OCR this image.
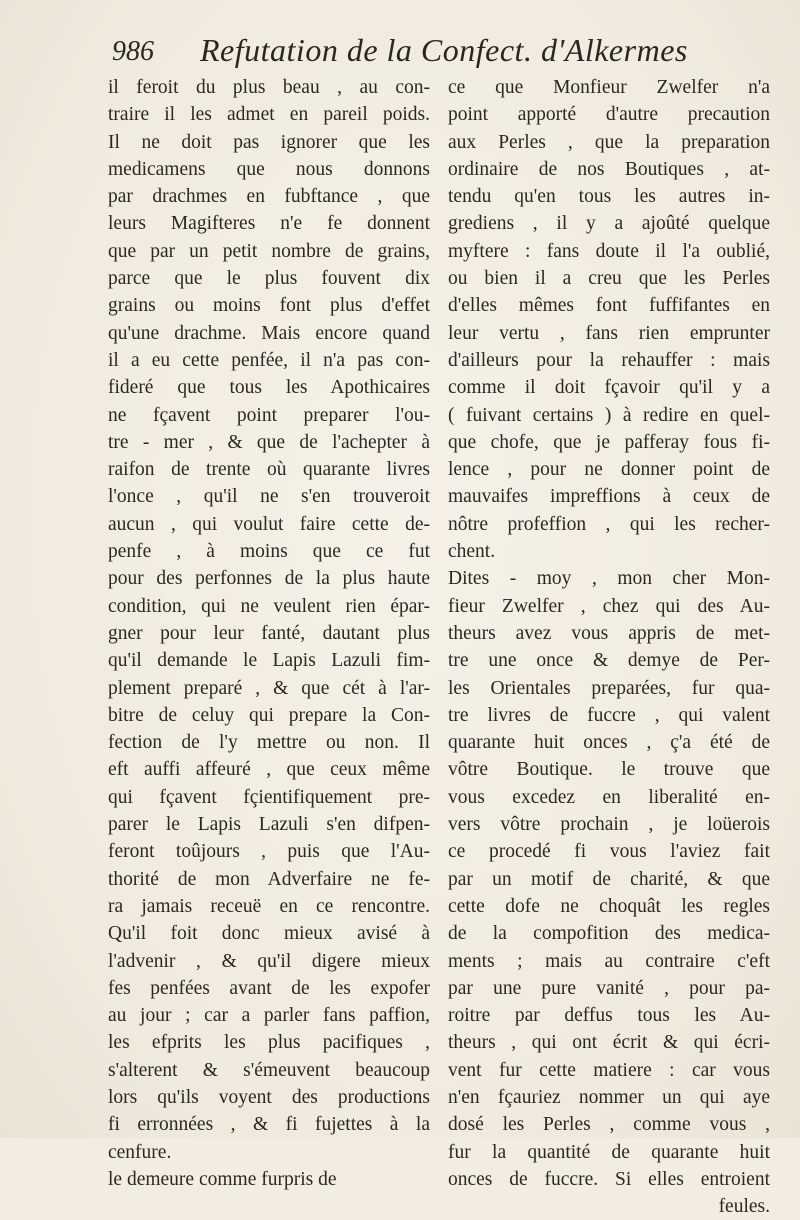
986 Refutation de la Confect. d'Alkermes
il feroit du plus beau , au con-
traire il les admet en pareil poids.
Il ne doit pas ignorer que les
medicamens que nous donnons
par drachmes en fubftance , que
leurs Magifteres n'e fe donnent
que par un petit nombre de grains,
parce que le plus fouvent dix
grains ou moins font plus d'effet
qu'une drachme. Mais encore quand
il a eu cette penfée, il n'a pas con-
fideré que tous les Apothicaires
ne fçavent point preparer l'ou-
tre - mer , & que de l'achepter à
raifon de trente où quarante livres
l'once , qu'il ne s'en trouveroit
aucun , qui voulut faire cette de-
penfe , à moins que ce fut
pour des perfonnes de la plus haute
condition, qui ne veulent rien épar-
gner pour leur fanté, dautant plus
qu'il demande le Lapis Lazuli fim-
plement preparé , & que cét à l'ar-
bitre de celuy qui prepare la Con-
fection de l'y mettre ou non. Il
eft auffi affeuré , que ceux même
qui fçavent fçientifiquement pre-
parer le Lapis Lazuli s'en difpen-
feront toûjours , puis que l'Au-
thorité de mon Adverfaire ne fe-
ra jamais receuë en ce rencontre.
Qu'il foit donc mieux avisé à
l'advenir , & qu'il digere mieux
fes penfées avant de les expofer
au jour ; car a parler fans paffion,
les efprits les plus pacifiques ,
s'alterent & s'émeuvent beaucoup
lors qu'ils voyent des productions
fi erronnées , & fi fujettes à la
cenfure.
le demeure comme furpris de
ce que Monfieur Zwelfer n'a
point apporté d'autre precaution
aux Perles , que la preparation
ordinaire de nos Boutiques , at-
tendu qu'en tous les autres in-
grediens , il y a ajoûté quelque
myftere : fans doute il l'a oublié,
ou bien il a creu que les Perles
d'elles mêmes font fuffifantes en
leur vertu , fans rien emprunter
d'ailleurs pour la rehauffer : mais
comme il doit fçavoir qu'il y a
( fuivant certains ) à redire en quel-
que chofe, que je pafferay fous fi-
lence , pour ne donner point de
mauvaifes impreffions à ceux de
nôtre profeffion , qui les recher-
chent.
Dites - moy , mon cher Mon-
fieur Zwelfer , chez qui des Au-
theurs avez vous appris de met-
tre une once & demye de Per-
les Orientales preparées, fur qua-
tre livres de fuccre , qui valent
quarante huit onces , ç'a été de
vôtre Boutique. le trouve que
vous excedez en liberalité en-
vers vôtre prochain , je loüerois
ce procedé fi vous l'aviez fait
par un motif de charité, & que
cette dofe ne choquât les regles
de la compofition des medica-
ments ; mais au contraire c'eft
par une pure vanité , pour pa-
roitre par deffus tous les Au-
theurs , qui ont écrit & qui écri-
vent fur cette matiere : car vous
n'en fçauriez nommer un qui aye
dosé les Perles , comme vous ,
fur la quantité de quarante huit
onces de fuccre. Si elles entroient
feules.
